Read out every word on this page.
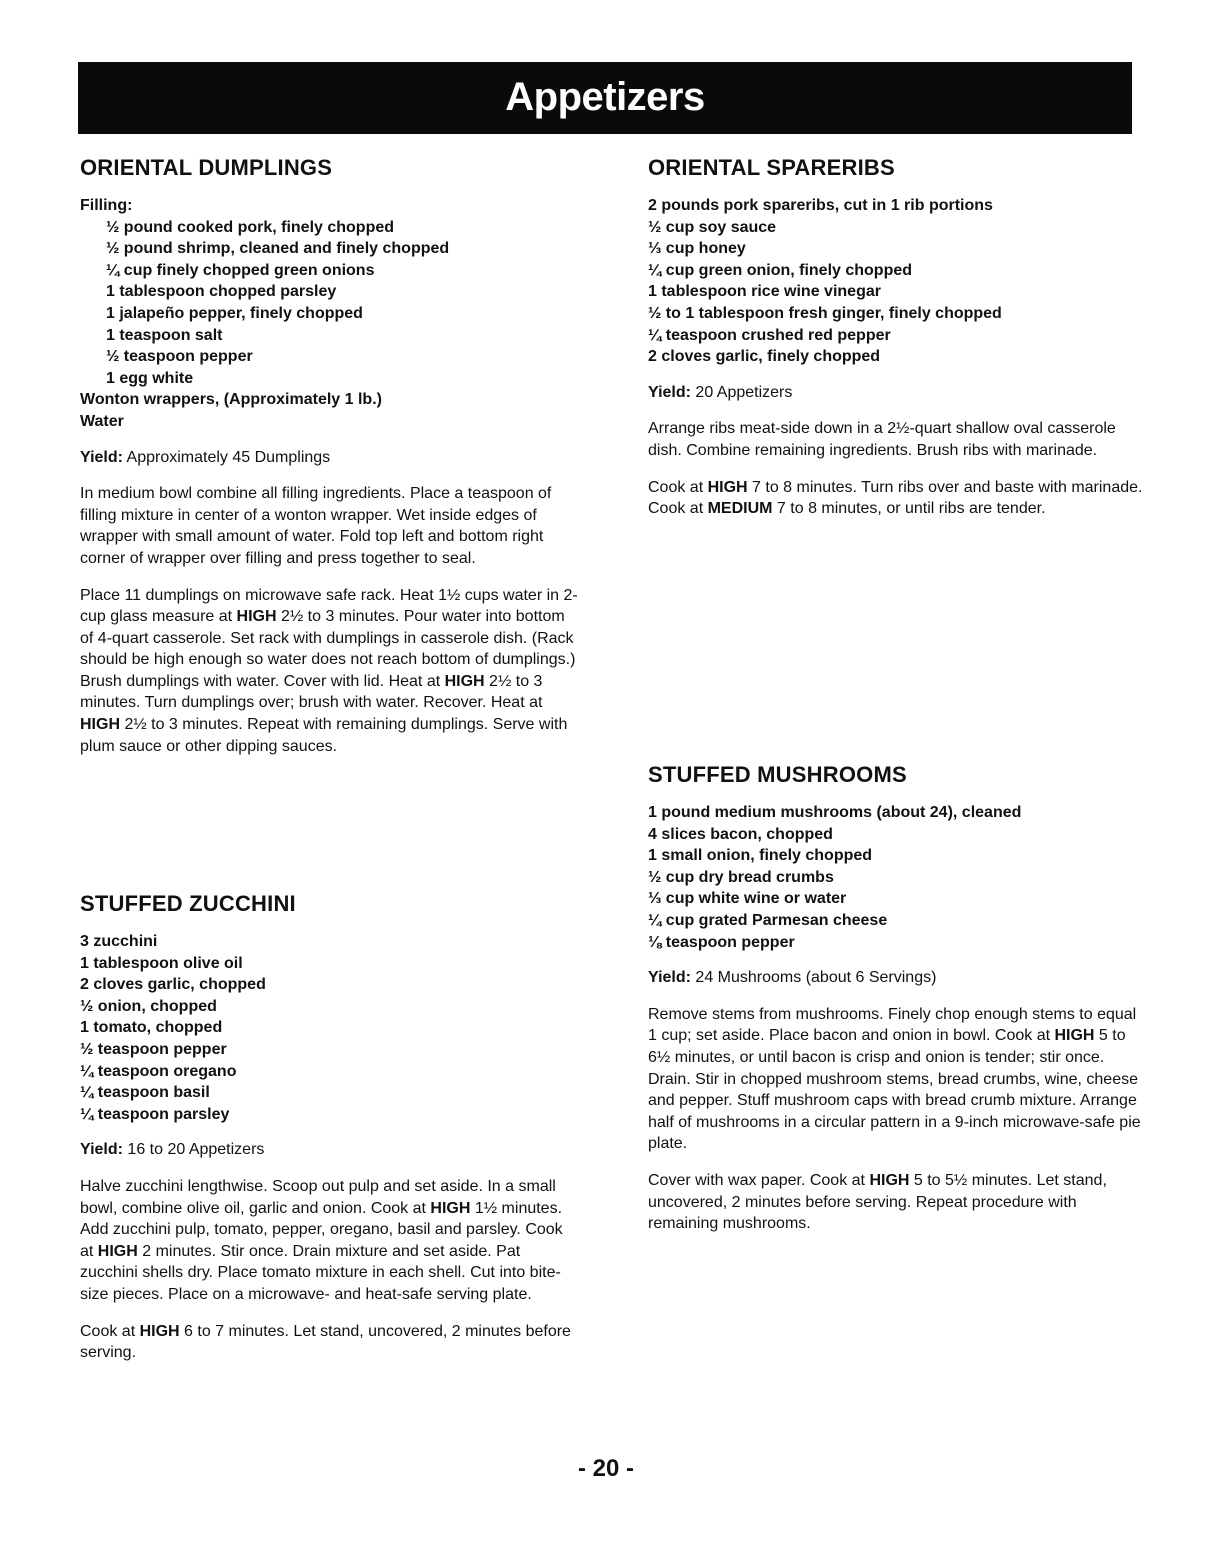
Appetizers
ORIENTAL DUMPLINGS
Filling:
½ pound cooked pork, finely chopped
½ pound shrimp, cleaned and finely chopped
¼ cup finely chopped green onions
1 tablespoon chopped parsley
1 jalapeño pepper, finely chopped
1 teaspoon salt
½ teaspoon pepper
1 egg white
Wonton wrappers, (Approximately 1 lb.)
Water

Yield: Approximately 45 Dumplings

In medium bowl combine all filling ingredients. Place a teaspoon of filling mixture in center of a wonton wrapper. Wet inside edges of wrapper with small amount of water. Fold top left and bottom right corner of wrapper over filling and press together to seal.

Place 11 dumplings on microwave safe rack. Heat 1½ cups water in 2-cup glass measure at HIGH 2½ to 3 minutes. Pour water into bottom of 4-quart casserole. Set rack with dumplings in casserole dish. (Rack should be high enough so water does not reach bottom of dumplings.) Brush dumplings with water. Cover with lid. Heat at HIGH 2½ to 3 minutes. Turn dumplings over; brush with water. Recover. Heat at HIGH 2½ to 3 minutes. Repeat with remaining dumplings. Serve with plum sauce or other dipping sauces.

STUFFED ZUCCHINI
3 zucchini
1 tablespoon olive oil
2 cloves garlic, chopped
½ onion, chopped
1 tomato, chopped
½ teaspoon pepper
¼ teaspoon oregano
¼ teaspoon basil
¼ teaspoon parsley

Yield: 16 to 20 Appetizers

Halve zucchini lengthwise. Scoop out pulp and set aside. In a small bowl, combine olive oil, garlic and onion. Cook at HIGH 1½ minutes. Add zucchini pulp, tomato, pepper, oregano, basil and parsley. Cook at HIGH 2 minutes. Stir once. Drain mixture and set aside. Pat zucchini shells dry. Place tomato mixture in each shell. Cut into bite-size pieces. Place on a microwave- and heat-safe serving plate.

Cook at HIGH 6 to 7 minutes. Let stand, uncovered, 2 minutes before serving.

ORIENTAL SPARERIBS
2 pounds pork spareribs, cut in 1 rib portions
½ cup soy sauce
⅓ cup honey
¼ cup green onion, finely chopped
1 tablespoon rice wine vinegar
½ to 1 tablespoon fresh ginger, finely chopped
¼ teaspoon crushed red pepper
2 cloves garlic, finely chopped

Yield: 20 Appetizers

Arrange ribs meat-side down in a 2½-quart shallow oval casserole dish. Combine remaining ingredients. Brush ribs with marinade.

Cook at HIGH 7 to 8 minutes. Turn ribs over and baste with marinade. Cook at MEDIUM 7 to 8 minutes, or until ribs are tender.

STUFFED MUSHROOMS
1 pound medium mushrooms (about 24), cleaned
4 slices bacon, chopped
1 small onion, finely chopped
½ cup dry bread crumbs
⅓ cup white wine or water
¼ cup grated Parmesan cheese
⅛ teaspoon pepper

Yield: 24 Mushrooms (about 6 Servings)

Remove stems from mushrooms. Finely chop enough stems to equal 1 cup; set aside. Place bacon and onion in bowl. Cook at HIGH 5 to 6½ minutes, or until bacon is crisp and onion is tender; stir once. Drain. Stir in chopped mushroom stems, bread crumbs, wine, cheese and pepper. Stuff mushroom caps with bread crumb mixture. Arrange half of mushrooms in a circular pattern in a 9-inch microwave-safe pie plate.

Cover with wax paper. Cook at HIGH 5 to 5½ minutes. Let stand, uncovered, 2 minutes before serving. Repeat procedure with remaining mushrooms.

- 20 -
